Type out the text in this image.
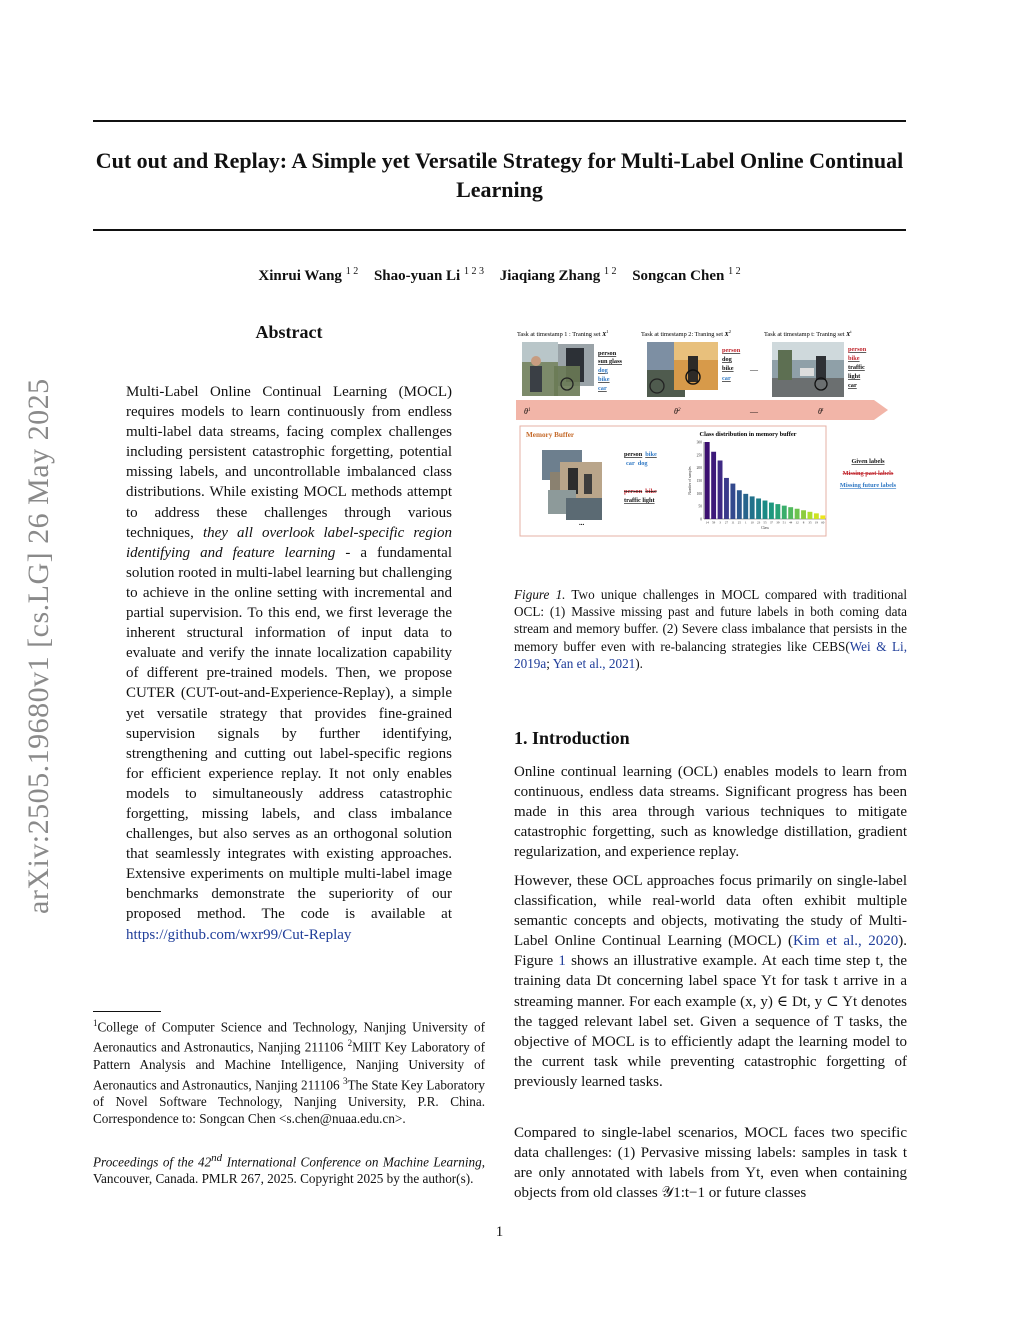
Cut out and Replay: A Simple yet Versatile Strategy for Multi-Label Online Continual Learning
Xinrui Wang $^{1 2}$ Shao-yuan Li $^{1 2 3}$ Jiaqiang Zhang $^{1 2}$ Songcan Chen $^{1 2}$
arXiv:2505.19680v1 [cs.LG] 26 May 2025
Abstract
Multi-Label Online Continual Learning (MOCL) requires models to learn continuously from endless multi-label data streams, facing complex challenges including persistent catastrophic forgetting, potential missing labels, and uncontrollable imbalanced class distributions. While existing MOCL methods attempt to address these challenges through various techniques, they all overlook label-specific region identifying and feature learning - a fundamental solution rooted in multi-label learning but challenging to achieve in the online setting with incremental and partial supervision. To this end, we first leverage the inherent structural information of input data to evaluate and verify the innate localization capability of different pre-trained models. Then, we propose CUTER (CUT-out-and-Experience-Replay), a simple yet versatile strategy that provides fine-grained supervision signals by further identifying, strengthening and cutting out label-specific regions for efficient experience replay. It not only enables models to simultaneously address catastrophic forgetting, missing labels, and class imbalance challenges, but also serves as an orthogonal solution that seamlessly integrates with existing approaches. Extensive experiments on multiple multi-label image benchmarks demonstrate the superiority of our proposed method. The code is available at https://github.com/wxr99/Cut-Replay
$^1$College of Computer Science and Technology, Nanjing University of Aeronautics and Astronautics, Nanjing 211106 $^2$MIIT Key Laboratory of Pattern Analysis and Machine Intelligence, Nanjing University of Aeronautics and Astronautics, Nanjing 211106 $^3$The State Key Laboratory of Novel Software Technology, Nanjing University, P.R. China. Correspondence to: Songcan Chen <s.chen@nuaa.edu.cn>.
Proceedings of the 42nd International Conference on Machine Learning, Vancouver, Canada. PMLR 267, 2025. Copyright 2025 by the author(s).
Task at timestamp 1 : Traning set $X^1$	Task at timestamp 2: Traning set $X^2$	Task at timestamp t: Traning set $X^t$
person
sun glass
dog
bike
car
person
dog
bike
car
—
person
bike
traffic
light
car
$\theta^1$	$\theta^2$	—	$\theta^t$
Memory Buffer
...
person bike
car dog
person bike
traffic light
Class distribution in memory buffer
0
50
100
150
200
250
300
Number of samples
Class
14 59 3 27 11 25 1 10 23 55 37 39 51 44 12 8 35 19 60
Given labels
Missing past labels
Missing future labels
Figure 1. Two unique challenges in MOCL compared with traditional OCL: (1) Massive missing past and future labels in both coming data stream and memory buffer. (2) Severe class imbalance that persists in the memory buffer even with re-balancing strategies like CEBS(Wei & Li, 2019a; Yan et al., 2021).
1. Introduction
Online continual learning (OCL) enables models to learn from continuous, endless data streams. Significant progress has been made in this area through various techniques to mitigate catastrophic forgetting, such as knowledge distillation, gradient regularization, and experience replay.
However, these OCL approaches focus primarily on single-label classification, while real-world data often exhibit multiple semantic concepts and objects, motivating the study of Multi-Label Online Continual Learning (MOCL) (Kim et al., 2020). Figure 1 shows an illustrative example. At each time step t, the training data Dt concerning label space Yt for task t arrive in a streaming manner. For each example (x, y) ∈ Dt, y ⊂ Yt denotes the tagged relevant label set. Given a sequence of T tasks, the objective of MOCL is to efficiently adapt the learning model to the current task while preventing catastrophic forgetting of previously learned tasks.
Compared to single-label scenarios, MOCL faces two specific data challenges: (1) Pervasive missing labels: samples in task t are only annotated with labels from Yt, even when containing objects from old classes 𝒴1:t−1 or future classes
1
